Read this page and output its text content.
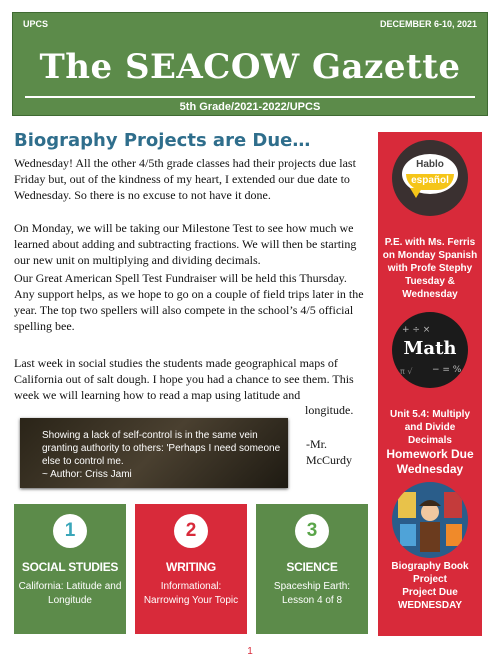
UPCS	DECEMBER 6-10, 2021
The SEACOW Gazette
5th Grade/2021-2022/UPCS
Biography Projects are Due…
Wednesday! All the other 4/5th grade classes had their projects due last Friday but, out of the kindness of my heart, I extended our due date to Wednesday. So there is no excuse to not have it done.
On Monday, we will be taking our Milestone Test to see how much we learned about adding and subtracting fractions. We will then be starting our new unit on multiplying and dividing decimals.
Our Great American Spell Test Fundraiser will be held this Thursday. Any support helps, as we hope to go on a couple of field trips later in the year. The top two spellers will also compete in the school’s 4/5 official spelling bee.
Last week in social studies the students made geographical maps of California out of salt dough. I hope you had a chance to see them. This week we will learning how to read a map using latitude and
longitude.
Showing a lack of self-control is in the same vein granting authority to others: 'Perhaps I need someone else to control me.
~ Author: Criss Jami
-Mr.
McCurdy
1
SOCIAL STUDIES
California: Latitude and Longitude
2
WRITING
Informational: Narrowing Your Topic
3
SCIENCE
Spaceship Earth: Lesson 4 of 8
Hablo
español
P.E. with Ms. Ferris on Monday Spanish with Profe Stephy Tuesday & Wednesday
+ ÷ ×
− = %
π √
Math
Unit 5.4: Multiply and Divide Decimals
Homework Due Wednesday
Biography Book Project
Project Due WEDNESDAY
1
